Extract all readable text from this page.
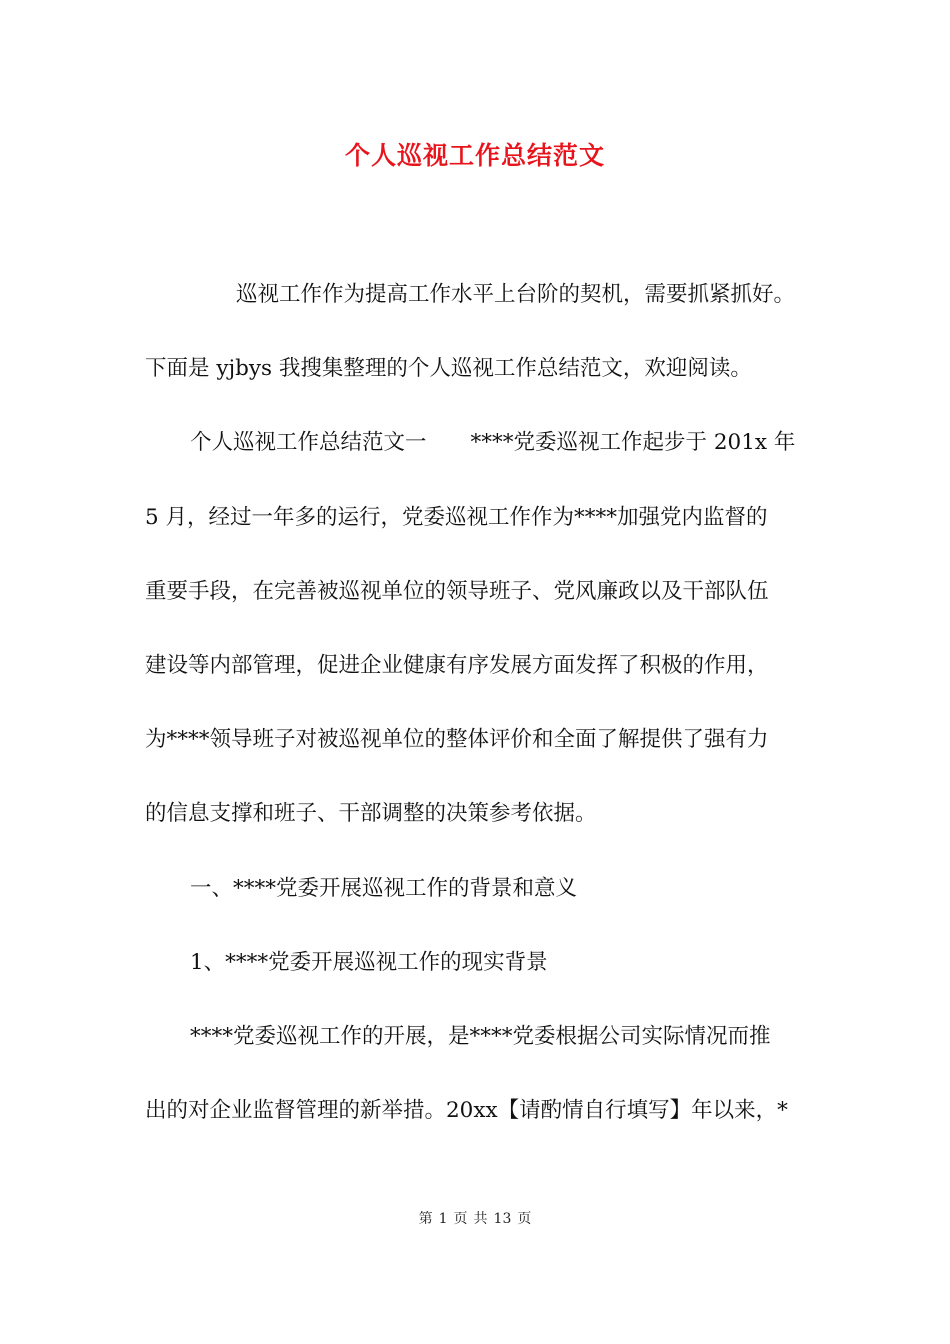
个人巡视工作总结范文

巡视工作作为提高工作水平上台阶的契机，需要抓紧抓好。

下面是 yjbys 我搜集整理的个人巡视工作总结范文，欢迎阅读。

个人巡视工作总结范文一 ****党委巡视工作起步于 201x 年

5 月，经过一年多的运行，党委巡视工作作为****加强党内监督的

重要手段，在完善被巡视单位的领导班子、党风廉政以及干部队伍

建设等内部管理，促进企业健康有序发展方面发挥了积极的作用，

为****领导班子对被巡视单位的整体评价和全面了解提供了强有力

的信息支撑和班子、干部调整的决策参考依据。

一、****党委开展巡视工作的背景和意义

1、****党委开展巡视工作的现实背景

****党委巡视工作的开展，是****党委根据公司实际情况而推

出的对企业监督管理的新举措。20xx【请酌情自行填写】年以来，*

第 1 页 共 13 页
